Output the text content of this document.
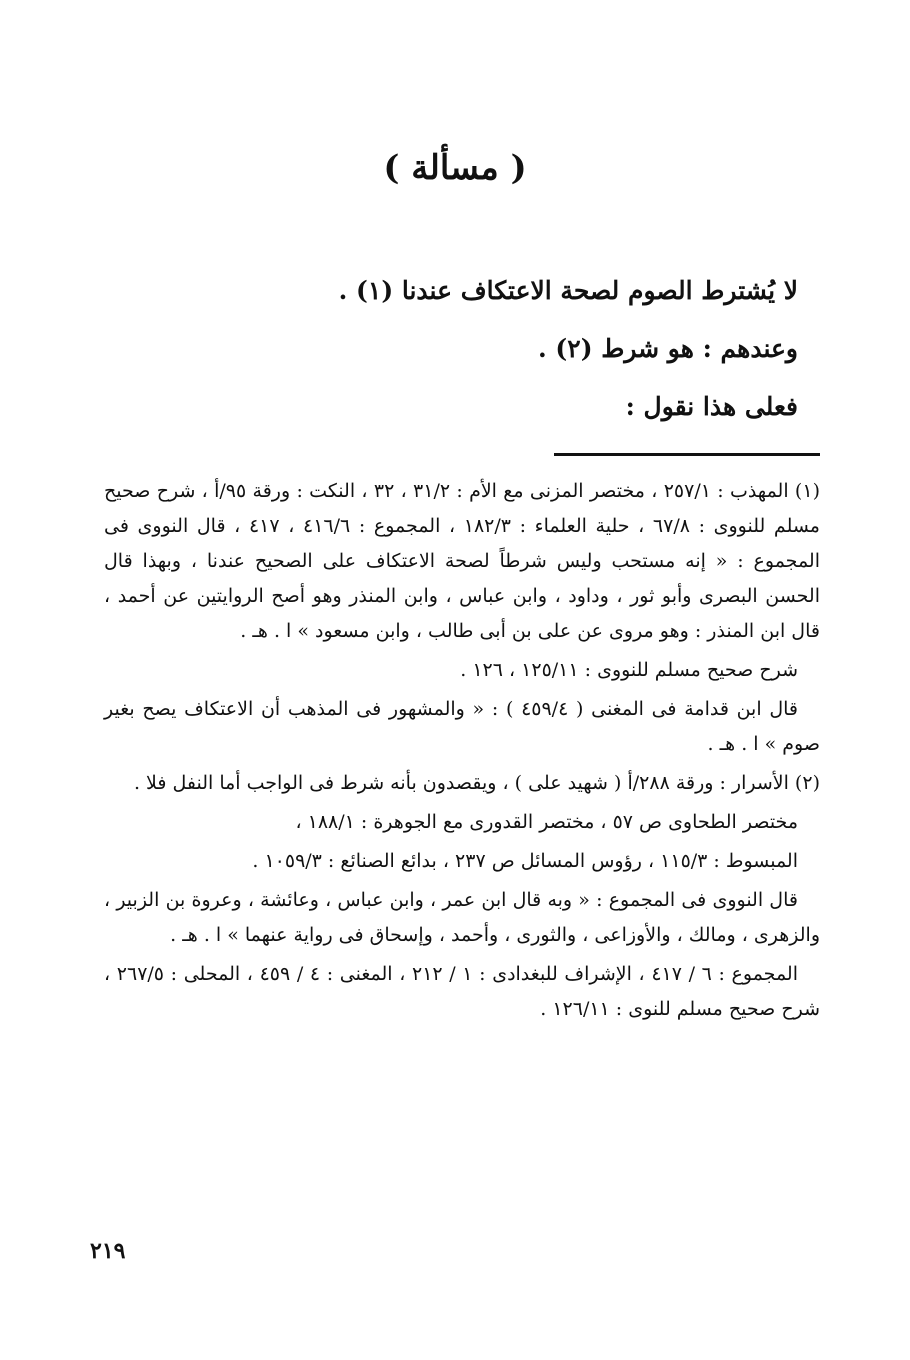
( مسألة )

لا يُشترط الصوم لصحة الاعتكاف عندنا (١) .

وعندهم : هو شرط (٢) .

فعلى هذا نقول :

(١) المهذب : ٢٥٧/١ ، مختصر المزنى مع الأم : ٣١/٢ ، ٣٢ ، النكت : ورقة ٩٥/أ ، شرح صحيح مسلم للنووى : ٦٧/٨ ، حلية العلماء : ١٨٢/٣ ، المجموع : ٤١٦/٦ ، ٤١٧ ، قال النووى فى المجموع : « إنه مستحب وليس شرطاً لصحة الاعتكاف على الصحيح عندنا ، وبهذا قال الحسن البصرى وأبو ثور ، وداود ، وابن عباس ، وابن المنذر وهو أصح الروايتين عن أحمد ، قال ابن المنذر : وهو مروى عن على بن أبى طالب ، وابن مسعود » ا . هـ .

شرح صحيح مسلم للنووى : ١٢٥/١١ ، ١٢٦ .

قال ابن قدامة فى المغنى ( ٤٥٩/٤ ) : « والمشهور فى المذهب أن الاعتكاف يصح بغير صوم » ا . هـ .

(٢) الأسرار : ورقة ٢٨٨/أ ( شهيد على ) ، ويقصدون بأنه شرط فى الواجب أما النفل فلا .

مختصر الطحاوى ص ٥٧ ، مختصر القدورى مع الجوهرة : ١٨٨/١ ،

المبسوط : ١١٥/٣ ، رؤوس المسائل ص ٢٣٧ ، بدائع الصنائع : ١٠٥٩/٣ .

قال النووى فى المجموع : « وبه قال ابن عمر ، وابن عباس ، وعائشة ، وعروة بن الزبير ، والزهرى ، ومالك ، والأوزاعى ، والثورى ، وأحمد ، وإسحاق فى رواية عنهما » ا . هـ .

المجموع : ٦ / ٤١٧ ، الإشراف للبغدادى : ١ / ٢١٢ ، المغنى : ٤ / ٤٥٩ ، المحلى : ٢٦٧/٥ ، شرح صحيح مسلم للنوى : ١٢٦/١١ .

٢١٩
